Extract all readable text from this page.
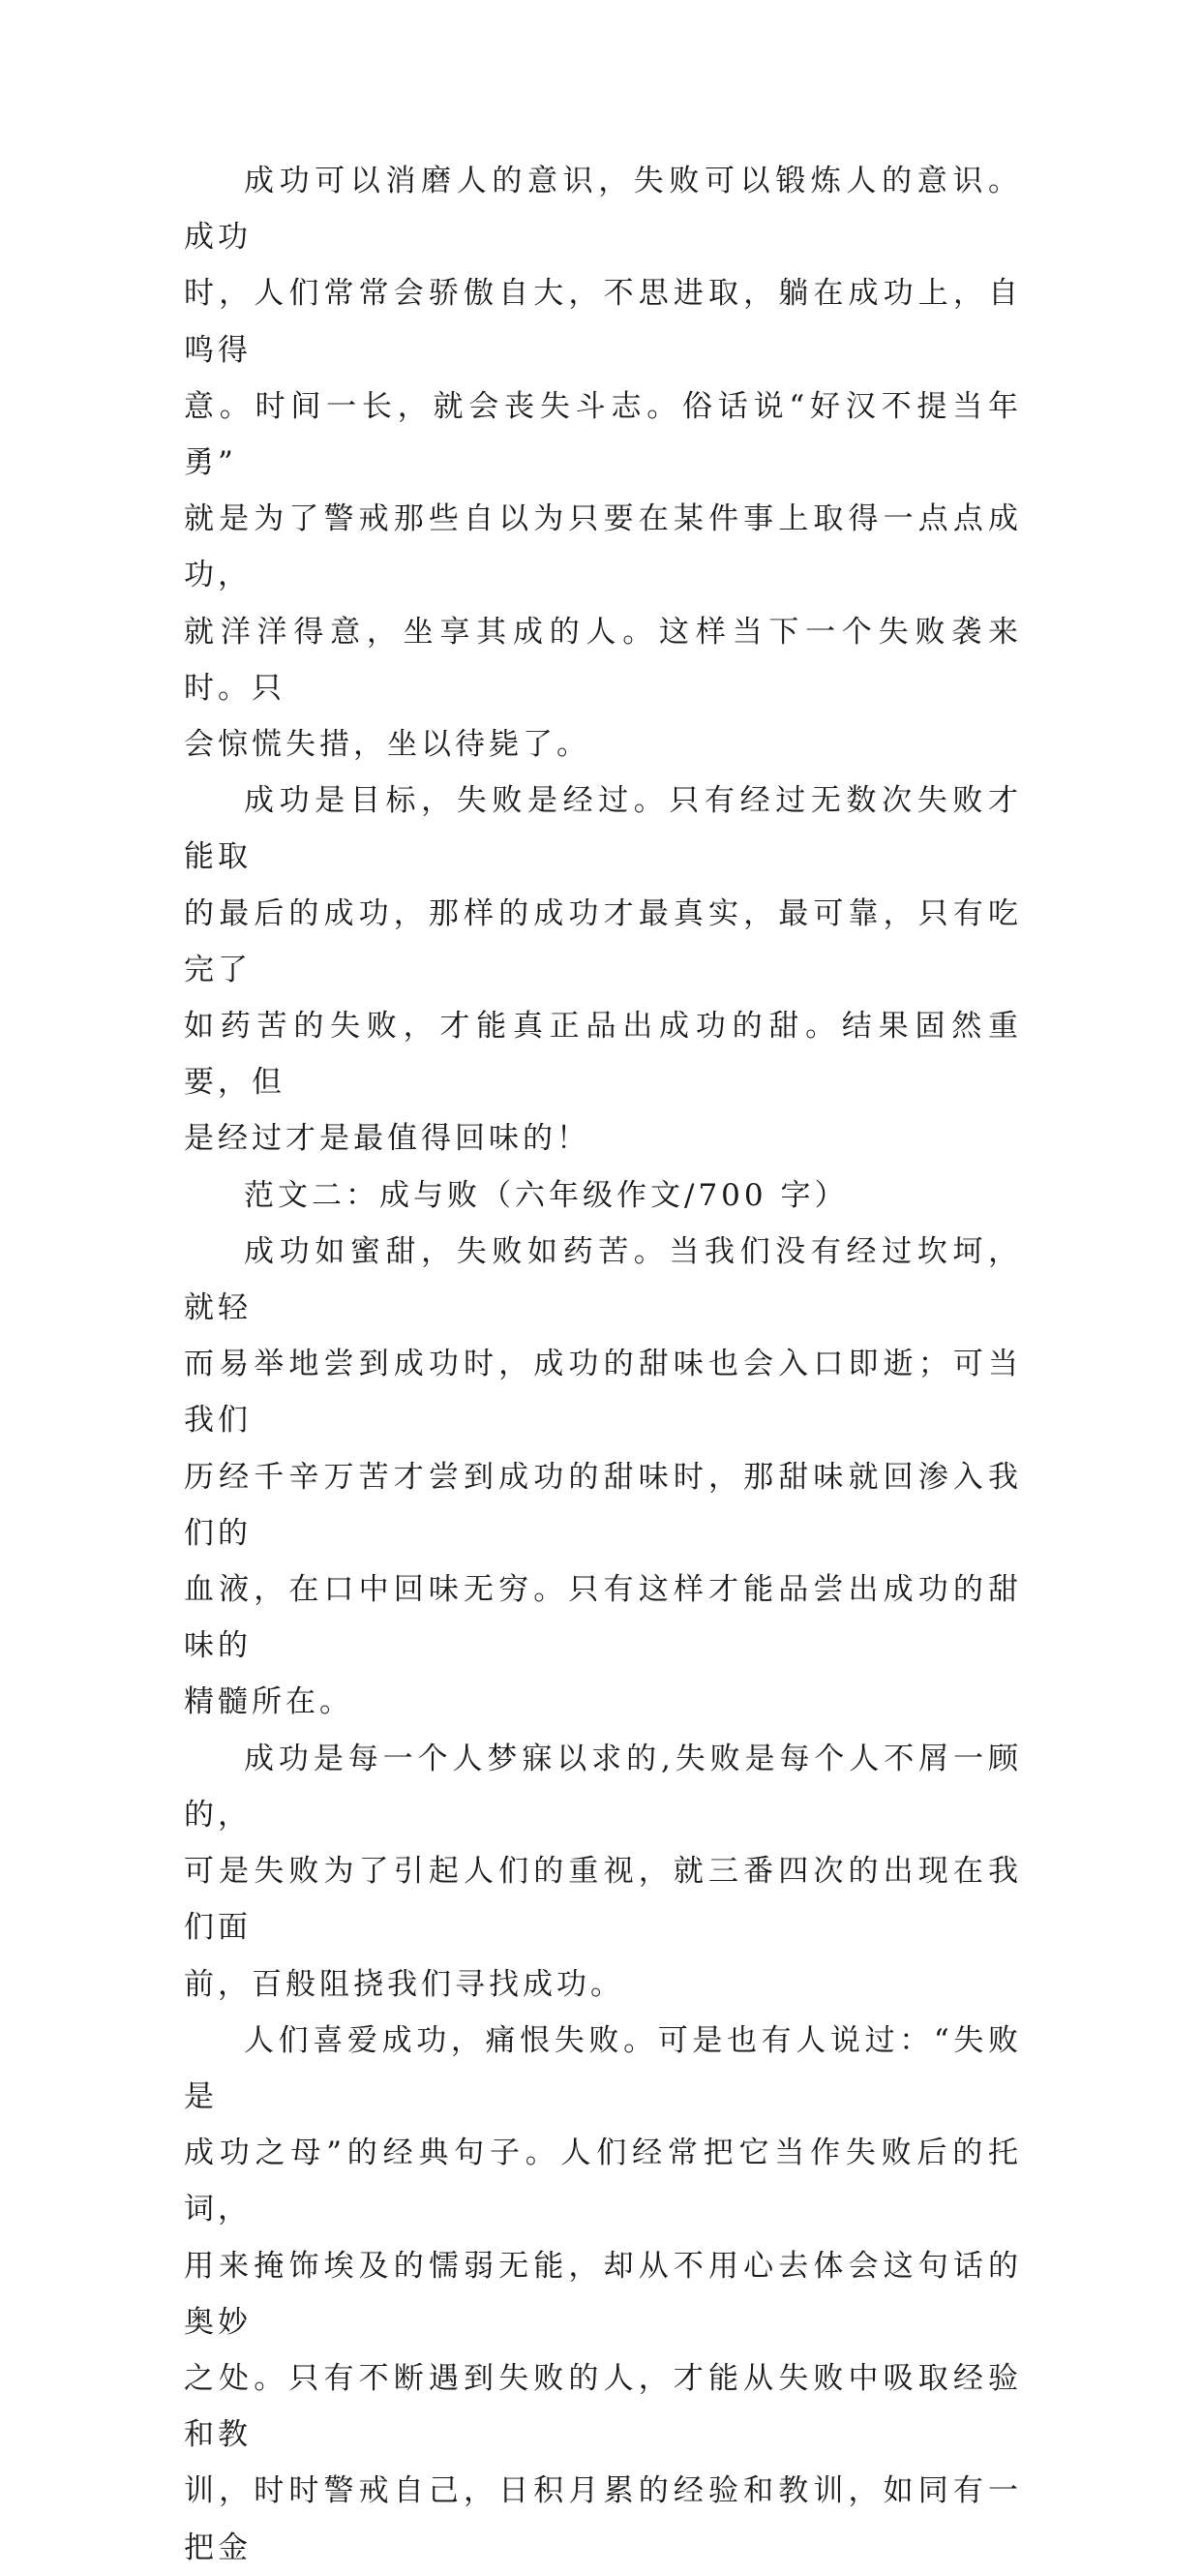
成功可以消磨人的意识，失败可以锻炼人的意识。成功
时，人们常常会骄傲自大，不思进取，躺在成功上，自鸣得
意。时间一长，就会丧失斗志。俗话说“好汉不提当年勇”
就是为了警戒那些自以为只要在某件事上取得一点点成功，
就洋洋得意，坐享其成的人。这样当下一个失败袭来时。只
会惊慌失措，坐以待毙了。

成功是目标，失败是经过。只有经过无数次失败才能取
的最后的成功，那样的成功才最真实，最可靠，只有吃完了
如药苦的失败，才能真正品出成功的甜。结果固然重要，但
是经过才是最值得回味的！

范文二：成与败（六年级作文/700 字）

成功如蜜甜，失败如药苦。当我们没有经过坎坷，就轻
而易举地尝到成功时，成功的甜味也会入口即逝；可当我们
历经千辛万苦才尝到成功的甜味时，那甜味就回渗入我们的
血液，在口中回味无穷。只有这样才能品尝出成功的甜味的
精髓所在。

成功是每一个人梦寐以求的,失败是每个人不屑一顾的，
可是失败为了引起人们的重视，就三番四次的出现在我们面
前，百般阻挠我们寻找成功。

人们喜爱成功，痛恨失败。可是也有人说过：“失败是
成功之母”的经典句子。人们经常把它当作失败后的托词，
用来掩饰埃及的懦弱无能，却从不用心去体会这句话的奥妙
之处。只有不断遇到失败的人，才能从失败中吸取经验和教
训，时时警戒自己，日积月累的经验和教训，如同有一把金
